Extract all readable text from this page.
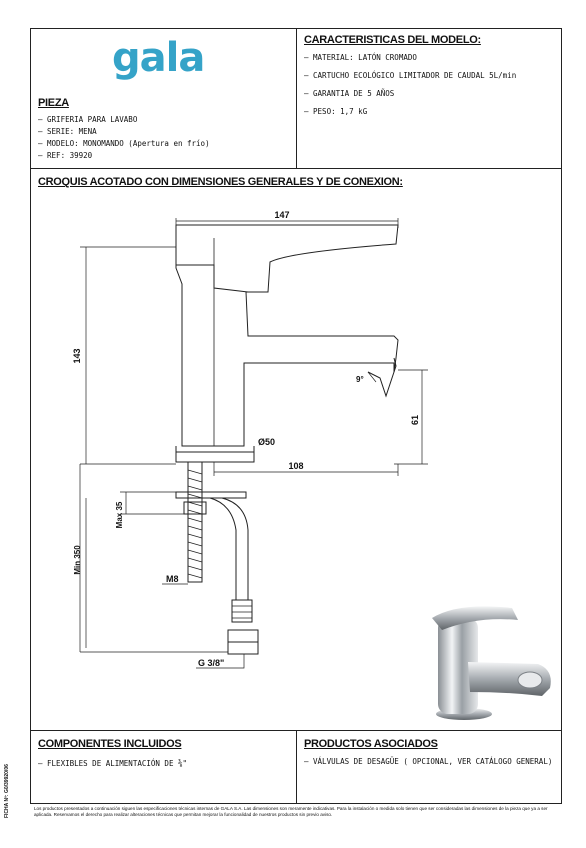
gala
PIEZA
– GRIFERIA PARA LAVABO
– SERIE: MENA
– MODELO: MONOMANDO (Apertura en frío)
– REF: 39920
CARACTERISTICAS DEL MODELO:
– MATERIAL: LATÓN CROMADO
– CARTUCHO ECOLÓGICO LIMITADOR DE CAUDAL 5L/min
– GARANTIA DE 5 AÑOS
– PESO: 1,7 kG
CROQUIS ACOTADO CON DIMENSIONES GENERALES Y DE CONEXION:
147
143
9°
61
Ø50
108
Max 35
Min 350
M8
G 3/8"
COMPONENTES INCLUIDOS
– FLEXIBLES DE ALIMENTACIÓN DE ⅜"
PRODUCTOS ASOCIADOS
– VÁLVULAS DE DESAGÜE ( OPCIONAL, VER CATÁLOGO GENERAL)
Los productos presentados a continuación siguen las especificaciones técnicas internas de GALA S.A. Las dimensiones son meramente indicativas. Para la instalación o medida solo tienen que ser consideradas las dimensiones de la pieza que ya a ser aplicada. Reservamos el derecho para realizar alteraciones técnicas que permitan mejorar la funcionalidad de nuestros productos sin previo aviso.
FICHA Nº: G0/39920/06
